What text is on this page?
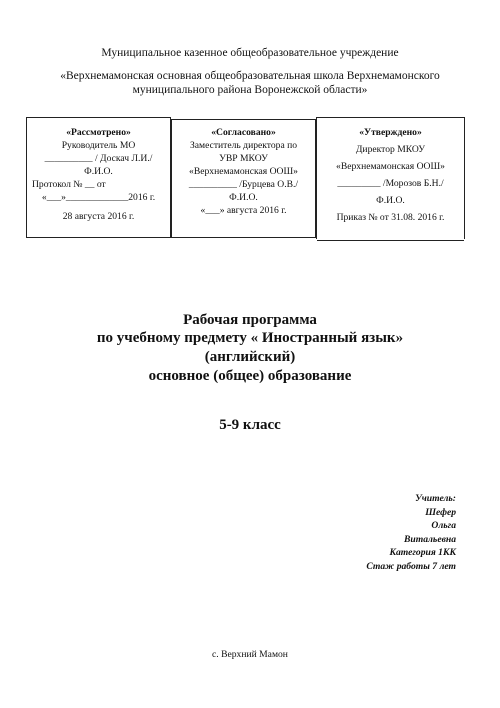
Муниципальное казенное общеобразовательное учреждение
«Верхнемамонская основная общеобразовательная школа Верхнемамонского
муниципального района Воронежской области»

«Рассмотрено»

Руководитель МО

__________ / Доскач Л.И./

Ф.И.О.

Протокол № __ от

«___»_____________2016 г.

28 августа 2016 г.

«Согласовано»

Заместитель директора по

УВР МКОУ

«Верхнемамонская ООШ»

__________ /Бурцева О.В./

Ф.И.О.

«___» августа 2016 г.

«Утверждено»

Директор МКОУ

«Верхнемамонская ООШ»

_________ /Морозов Б.Н./

Ф.И.О.

Приказ № от 31.08. 2016 г.

Рабочая программа
по учебному предмету « Иностранный язык»
(английский)
основное (общее) образование
5-9 класс
Учитель:
Шефер
Ольга
Витальевна
Категория 1КК
Стаж работы 7 лет
с. Верхний Мамон
